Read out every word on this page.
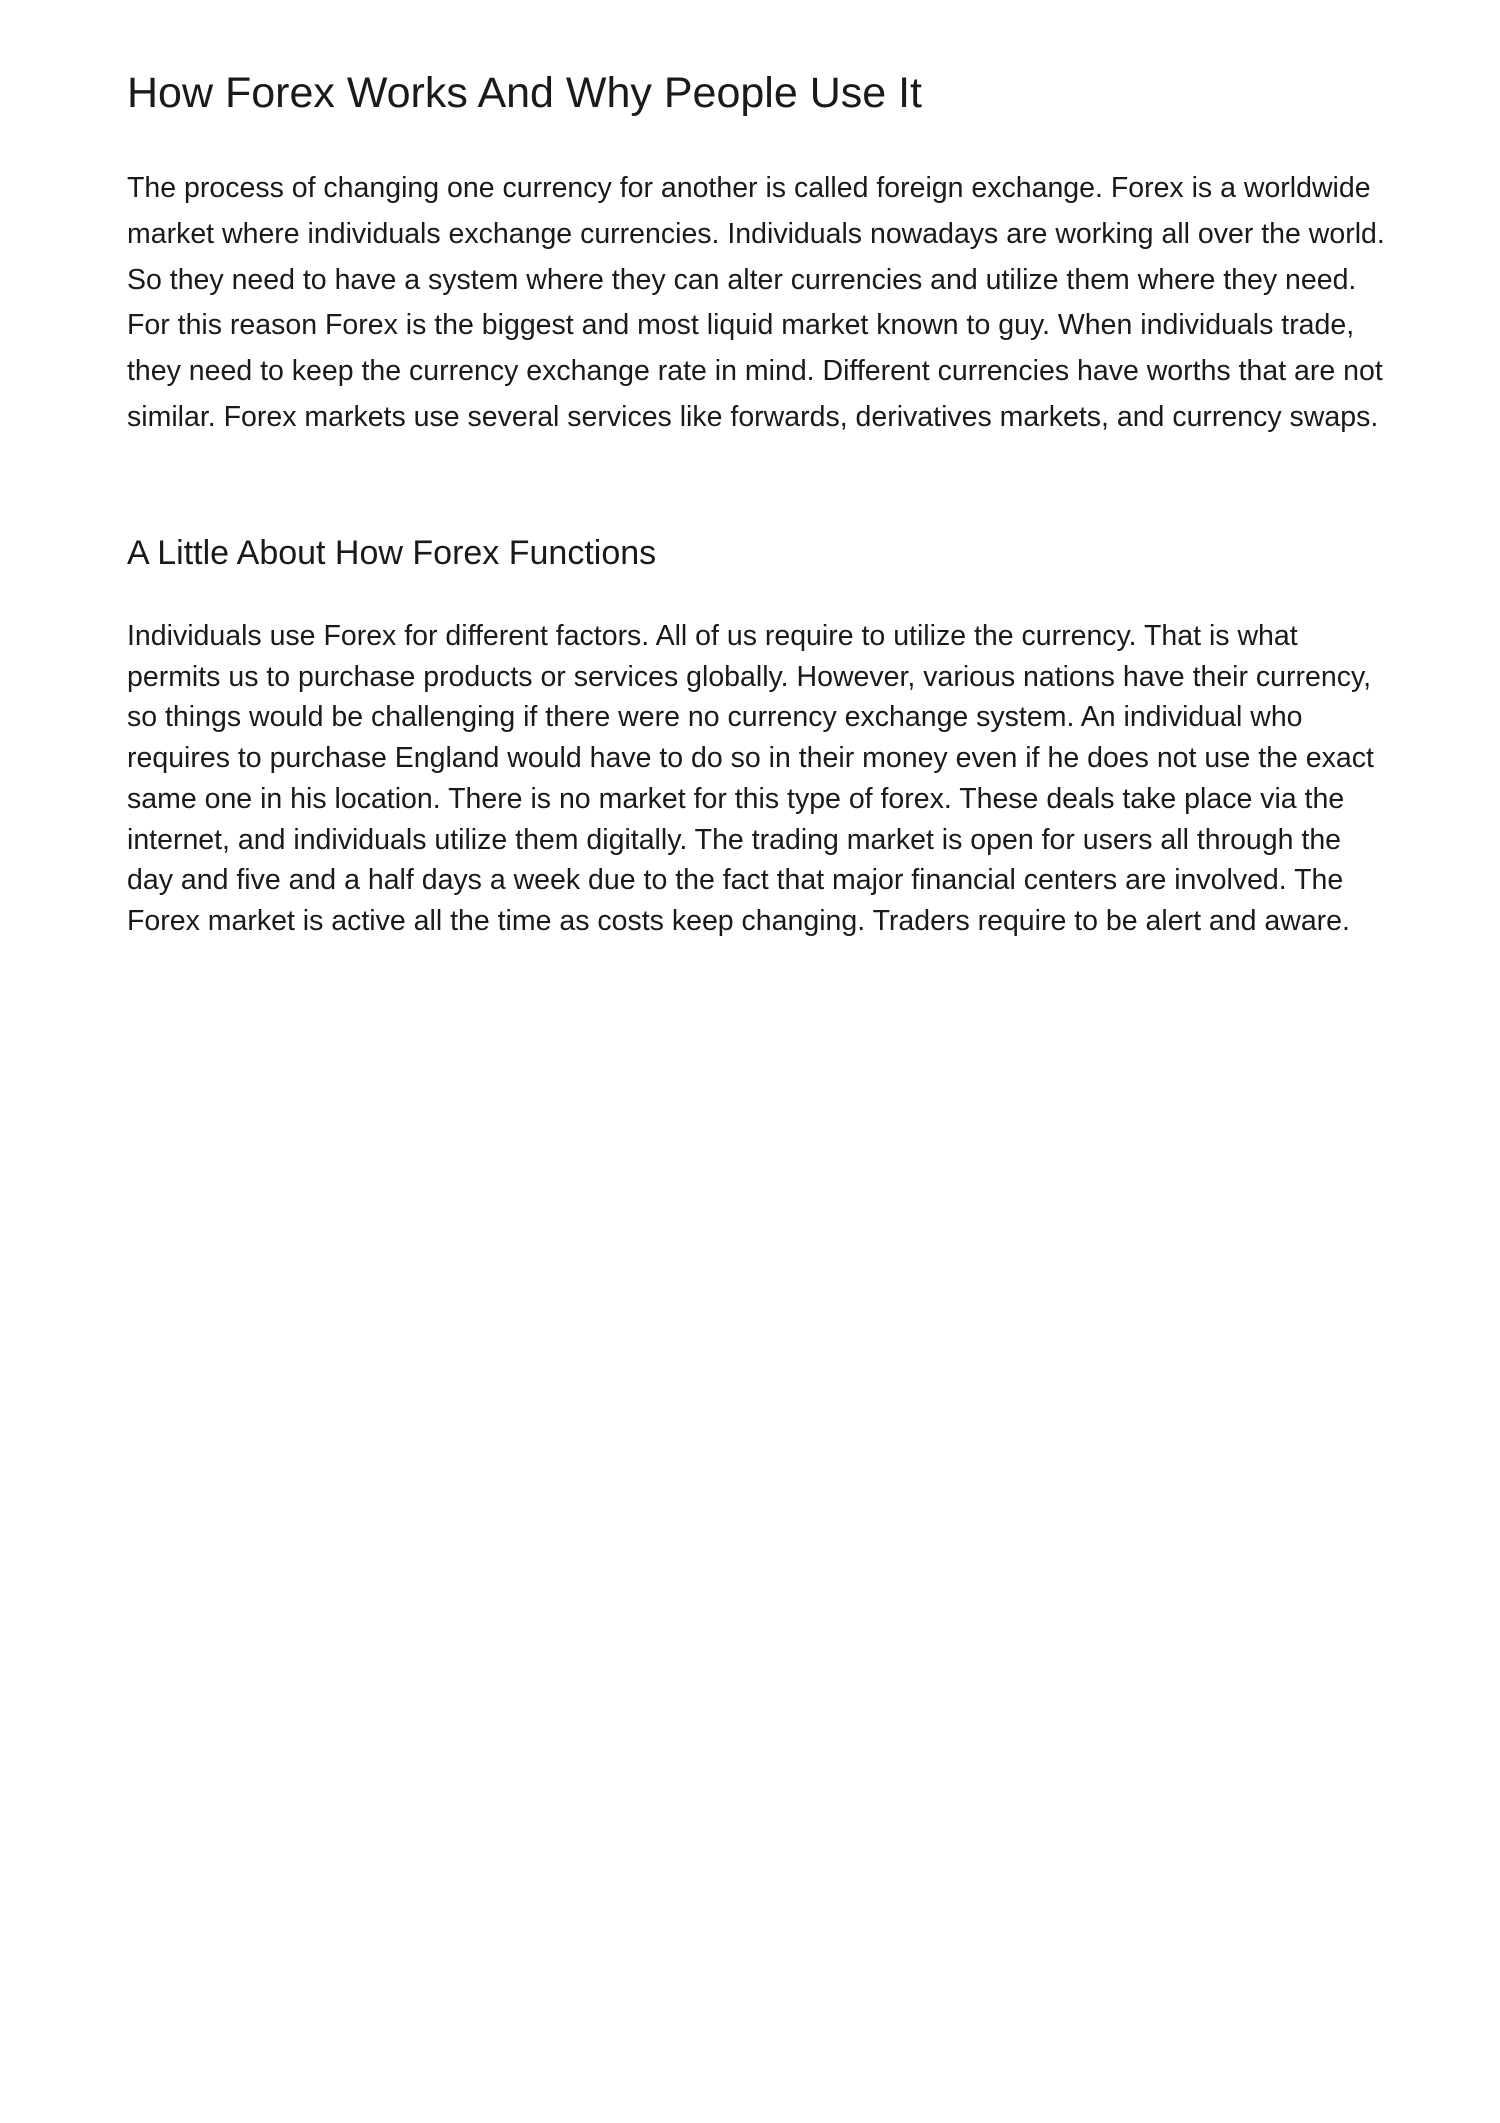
How Forex Works And Why People Use It

The process of changing one currency for another is called foreign exchange. Forex is a worldwide market where individuals exchange currencies. Individuals nowadays are working all over the world. So they need to have a system where they can alter currencies and utilize them where they need. For this reason Forex is the biggest and most liquid market known to guy. When individuals trade, they need to keep the currency exchange rate in mind. Different currencies have worths that are not similar. Forex markets use several services like forwards, derivatives markets, and currency swaps.

A Little About How Forex Functions

Individuals use Forex for different factors. All of us require to utilize the currency. That is what permits us to purchase products or services globally. However, various nations have their currency, so things would be challenging if there were no currency exchange system. An individual who requires to purchase England would have to do so in their money even if he does not use the exact same one in his location. There is no market for this type of forex. These deals take place via the internet, and individuals utilize them digitally. The trading market is open for users all through the day and five and a half days a week due to the fact that major financial centers are involved. The Forex market is active all the time as costs keep changing. Traders require to be alert and aware.
